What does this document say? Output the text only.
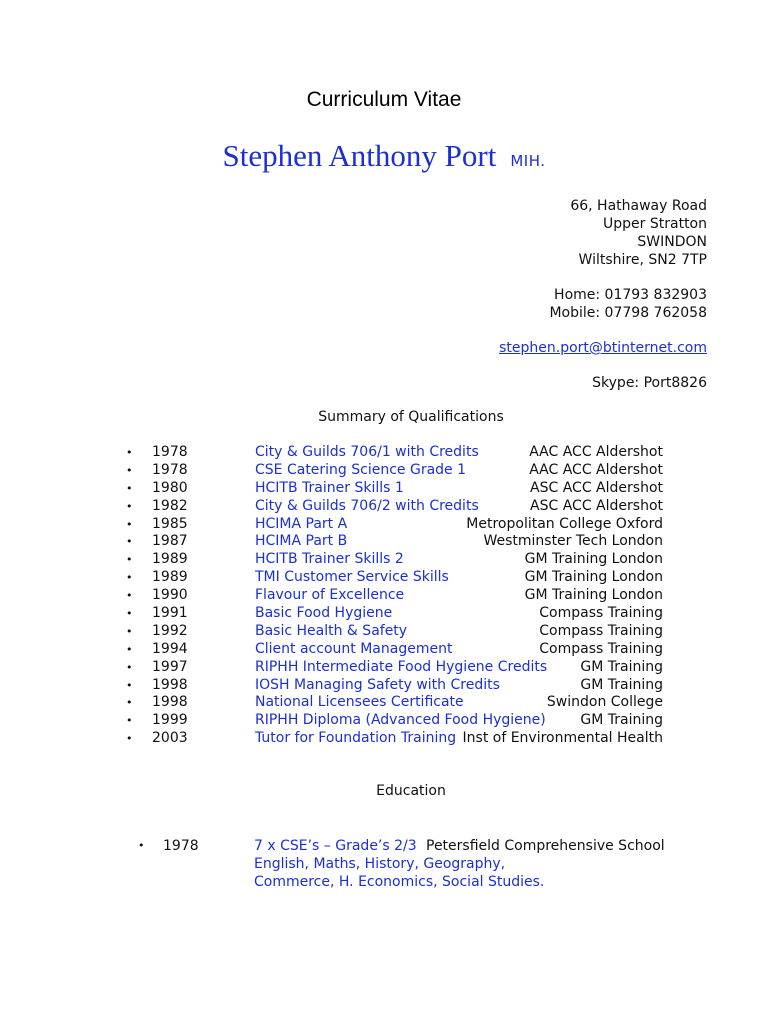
Curriculum Vitae
Stephen Anthony Port MIH.
66, Hathaway Road
Upper Stratton
SWINDON
Wiltshire, SN2 7TP
Home: 01793 832903
Mobile: 07798 762058
stephen.port@btinternet.com
Skype: Port8826
Summary of Qualifications
• 1978	City & Guilds 706/1 with Credits	AAC ACC Aldershot
• 1978	CSE Catering Science Grade 1	AAC ACC Aldershot
• 1980	HCITB Trainer Skills 1	ASC ACC Aldershot
• 1982	City & Guilds 706/2 with Credits	ASC ACC Aldershot
• 1985	HCIMA Part A	Metropolitan College Oxford
• 1987	HCIMA Part B	Westminster Tech London
• 1989	HCITB Trainer Skills 2	GM Training London
• 1989	TMI Customer Service Skills	GM Training London
• 1990	Flavour of Excellence	GM Training London
• 1991	Basic Food Hygiene	Compass Training
• 1992	Basic Health & Safety	Compass Training
• 1994	Client account Management	Compass Training
• 1997	RIPHH Intermediate Food Hygiene Credits	GM Training
• 1998	IOSH Managing Safety with Credits	GM Training
• 1998	National Licensees Certificate	Swindon College
• 1999	RIPHH Diploma (Advanced Food Hygiene)	GM Training
• 2003	Tutor for Foundation Training Inst of Environmental Health
Education
• 1978	7 x CSE’s – Grade’s 2/3
English, Maths, History, Geography,
Commerce, H. Economics, Social Studies.
Petersfield Comprehensive School
